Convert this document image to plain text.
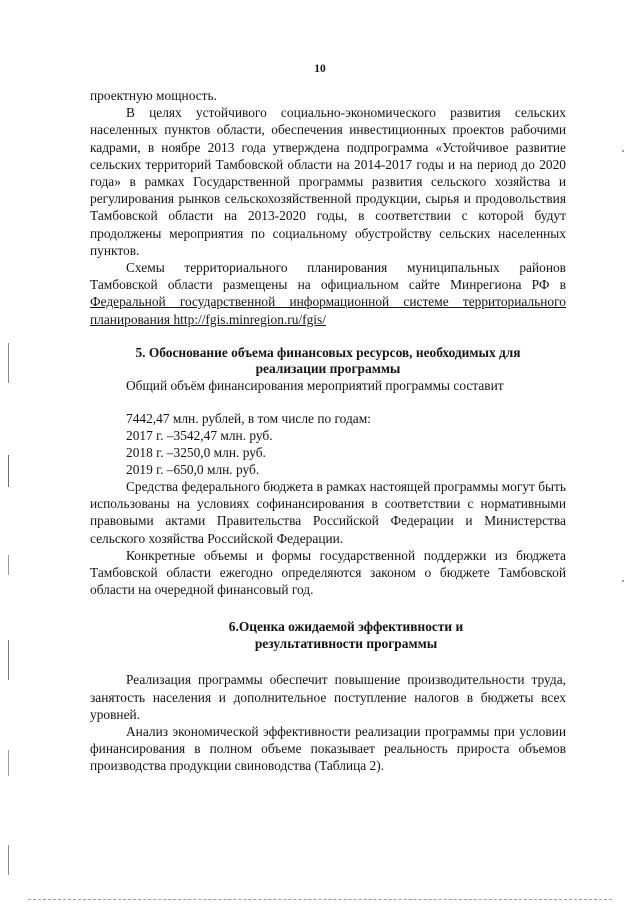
10

проектную мощность.

В целях устойчивого социально-экономического развития сельских населенных пунктов области, обеспечения инвестиционных проектов рабочими кадрами, в ноябре 2013 года утверждена подпрограмма «Устойчивое развитие сельских территорий Тамбовской области на 2014-2017 годы и на период до 2020 года» в рамках Государственной программы развития сельского хозяйства и регулирования рынков сельскохозяйственной продукции, сырья и продовольствия Тамбовской области на 2013-2020 годы, в соответствии с которой будут продолжены мероприятия по социальному обустройству сельских населенных пунктов.

Схемы территориального планирования муниципальных районов Тамбовской области размещены на официальном сайте Минрегиона РФ в Федеральной государственной информационной системе территориального планирования http://fgis.minregion.ru/fgis/

5. Обоснование объема финансовых ресурсов, необходимых для
реализации программы

Общий объём финансирования мероприятий программы составит

7442,47 млн. рублей, в том числе по годам:

2017 г. –3542,47 млн. руб.

2018 г. –3250,0 млн. руб.

2019 г. –650,0 млн. руб.

Средства федерального бюджета в рамках настоящей программы могут быть использованы на условиях софинансирования в соответствии с нормативными правовыми актами Правительства Российской Федерации и Министерства сельского хозяйства Российской Федерации.

Конкретные объемы и формы государственной поддержки из бюджета Тамбовской области ежегодно определяются законом о бюджете Тамбовской области на очередной финансовый год.

6.Оценка ожидаемой эффективности и
результативности программы

Реализация программы обеспечит повышение производительности труда, занятость населения и дополнительное поступление налогов в бюджеты всех уровней.

Анализ экономической эффективности реализации программы при условии финансирования в полном объеме показывает реальность прироста объемов производства продукции свиноводства (Таблица 2).
